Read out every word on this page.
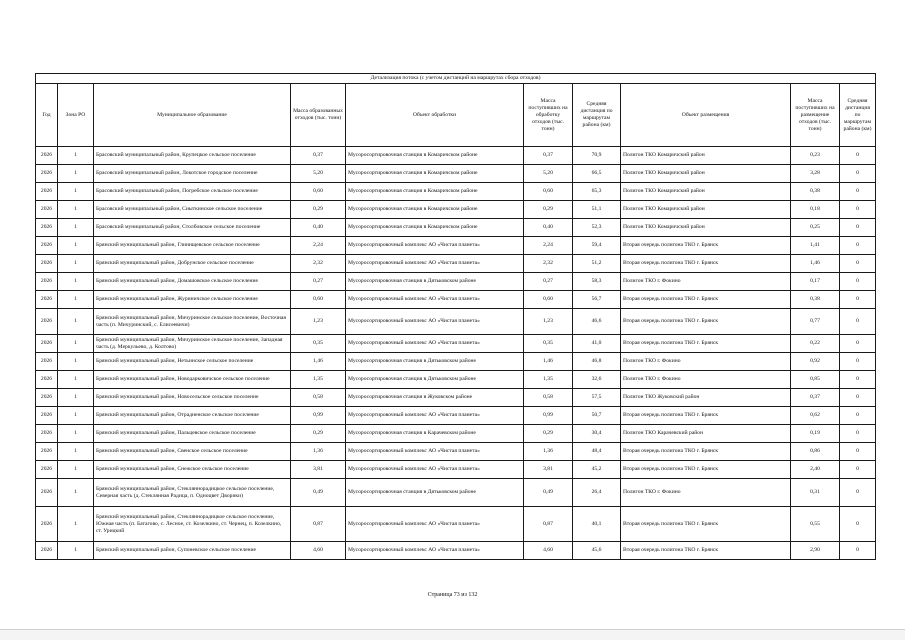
Детализация потока (с учетом дистанций на маршрутах сбора отходов)									
Год	Зона РО	Муниципальное образование	Масса образованных отходов (тыс. тонн)	Объект обработки	Масса поступивших на обработку отходов (тыс. тонн)	Средняя дистанция по маршрутам района (км)	Объект размещения	Масса поступивших на размещение отходов (тыс. тонн)	Средняя дистанция по маршрутам района (км)
2026	1	Брасовский муниципальный район, Крупецкое сельское поселение	0,37	Мусоросортировочная станция в Комаричском районе	0,37	70,9	Полигон ТКО Комаричский район	0,23	0
2026	1	Брасовский муниципальный район, Локотское городское поселение	5,20	Мусоросортировочная станция в Комаричском районе	5,20	66,5	Полигон ТКО Комаричский район	3,28	0
2026	1	Брасовский муниципальный район, Погребское сельское поселение	0,60	Мусоросортировочная станция в Комаричском районе	0,60	65,3	Полигон ТКО Комаричский район	0,38	0
2026	1	Брасовский муниципальный район, Сныткинское сельское поселение	0,29	Мусоросортировочная станция в Комаричском районе	0,29	51,1	Полигон ТКО Комаричский район	0,18	0
2026	1	Брасовский муниципальный район, Столбовское сельское поселение	0,40	Мусоросортировочная станция в Комаричском районе	0,40	52,3	Полигон ТКО Комаричский район	0,25	0
2026	1	Брянский муниципальный район, Глинищевское сельское поселение	2,24	Мусоросортировочный комплекс АО «Чистая планета»	2,24	59,4	Вторая очередь полигона ТКО г. Брянск	1,41	0
2026	1	Брянский муниципальный район, Добрунское сельское поселение	2,32	Мусоросортировочный комплекс АО «Чистая планета»	2,32	51,2	Вторая очередь полигона ТКО г. Брянск	1,46	0
2026	1	Брянский муниципальный район, Домашовское сельское поселение	0,27	Мусоросортировочная станция в Дятьковском районе	0,27	58,3	Полигон ТКО г. Фокино	0,17	0
2026	1	Брянский муниципальный район, Журиничское сельское поселение	0,60	Мусоросортировочный комплекс АО «Чистая планета»	0,60	56,7	Вторая очередь полигона ТКО г. Брянск	0,38	0
2026	1	Брянский муниципальный район, Мичуринское сельское поселение, Восточная часть (п. Мичуринский, с. Елисеевичи)	1,23	Мусоросортировочный комплекс АО «Чистая планета»	1,23	46,6	Вторая очередь полигона ТКО г. Брянск	0,77	0
2026	1	Брянский муниципальный район, Мичуринское сельское поселение, Западная часть (д. Меркульево, д. Колтово)	0,35	Мусоросортировочный комплекс АО «Чистая планета»	0,35	41,0	Вторая очередь полигона ТКО г. Брянск	0,22	0
2026	1	Брянский муниципальный район, Нетьинское сельское поселение	1,46	Мусоросортировочная станция в Дятьковском районе	1,46	46,8	Полигон ТКО г. Фокино	0,92	0
2026	1	Брянский муниципальный район, Новодарковичское сельское поселение	1,35	Мусоросортировочная станция в Дятьковском районе	1,35	32,6	Полигон ТКО г. Фокино	0,85	0
2026	1	Брянский муниципальный район, Новосельское сельское поселение	0,58	Мусоросортировочная станция в Жуковском районе	0,58	57,5	Полигон ТКО Жуковский район	0,37	0
2026	1	Брянский муниципальный район, Отрадненское сельское поселение	0,99	Мусоросортировочный комплекс АО «Чистая планета»	0,99	50,7	Вторая очередь полигона ТКО г. Брянск	0,62	0
2026	1	Брянский муниципальный район, Пальцевское сельское поселение	0,29	Мусоросортировочная станция в Карачевском районе	0,29	30,4	Полигон ТКО Карачевский район	0,19	0
2026	1	Брянский муниципальный район, Свенское сельское поселение	1,36	Мусоросортировочный комплекс АО «Чистая планета»	1,36	48,4	Вторая очередь полигона ТКО г. Брянск	0,86	0
2026	1	Брянский муниципальный район, Снежское сельское поселение	3,81	Мусоросортировочный комплекс АО «Чистая планета»	3,81	45,2	Вторая очередь полигона ТКО г. Брянск	2,40	0
2026	1	Брянский муниципальный район, Стекляннорадицкое сельское поселение, Северная часть (д. Стеклянная Радица, п. Одноцвет Дворики)	0,49	Мусоросортировочная станция в Дятьковском районе	0,49	26,4	Полигон ТКО г. Фокино	0,31	0
2026	1	Брянский муниципальный район, Стекляннорадицкое сельское поселение, Южная часть (п. Батагово, с. Лесное, ст. Козелкино, ст. Чернец, п. Козелкино, ст. Урицкий	0,87	Мусоросортировочный комплекс АО «Чистая планета»	0,87	40,1	Вторая очередь полигона ТКО г. Брянск	0,55	0
2026	1	Брянский муниципальный район, Супоневское сельское поселение	4,60	Мусоросортировочный комплекс АО «Чистая планета»	4,60	45,6	Вторая очередь полигона ТКО г. Брянск	2,90	0
Страница 73 из 132
